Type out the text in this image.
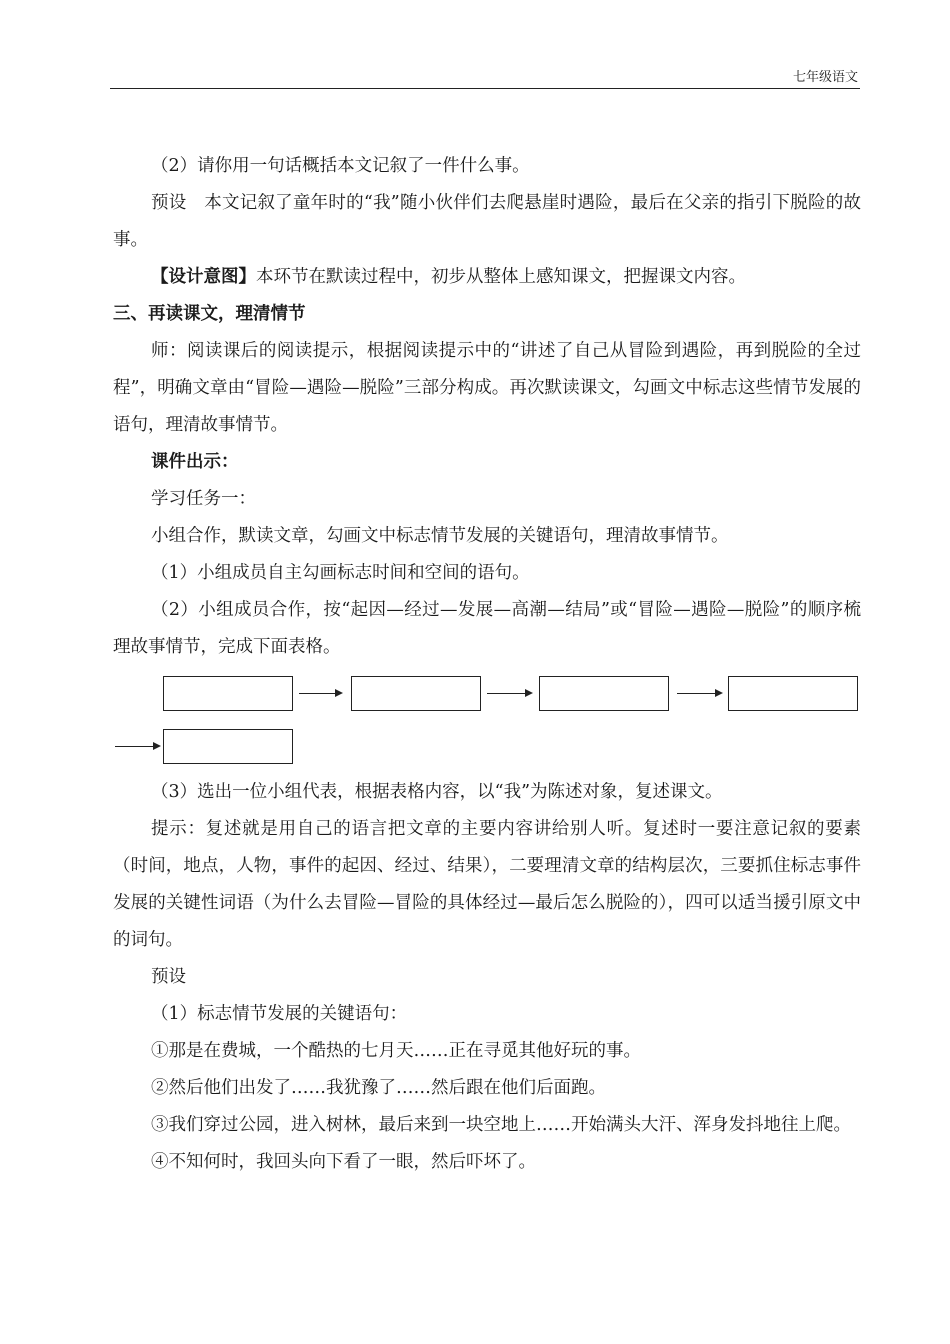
七年级语文

（2）请你用一句话概括本文记叙了一件什么事。

预设　本文记叙了童年时的“我”随小伙伴们去爬悬崖时遇险，最后在父亲的指引下脱险的故事。

【设计意图】本环节在默读过程中，初步从整体上感知课文，把握课文内容。

三、再读课文，理清情节

师：阅读课后的阅读提示，根据阅读提示中的“讲述了自己从冒险到遇险，再到脱险的全过程”，明确文章由“冒险—遇险—脱险”三部分构成。再次默读课文，勾画文中标志这些情节发展的语句，理清故事情节。

课件出示：

学习任务一：

小组合作，默读文章，勾画文中标志情节发展的关键语句，理清故事情节。

（1）小组成员自主勾画标志时间和空间的语句。

（2）小组成员合作，按“起因—经过—发展—高潮—结局”或“冒险—遇险—脱险”的顺序梳理故事情节，完成下面表格。

（3）选出一位小组代表，根据表格内容，以“我”为陈述对象，复述课文。

提示：复述就是用自己的语言把文章的主要内容讲给别人听。复述时一要注意记叙的要素（时间，地点，人物，事件的起因、经过、结果），二要理清文章的结构层次，三要抓住标志事件发展的关键性词语（为什么去冒险—冒险的具体经过—最后怎么脱险的），四可以适当援引原文中的词句。

预设

（1）标志情节发展的关键语句：

①那是在费城，一个酷热的七月天……正在寻觅其他好玩的事。

②然后他们出发了……我犹豫了……然后跟在他们后面跑。

③我们穿过公园，进入树林，最后来到一块空地上……开始满头大汗、浑身发抖地往上爬。

④不知何时，我回头向下看了一眼，然后吓坏了。
